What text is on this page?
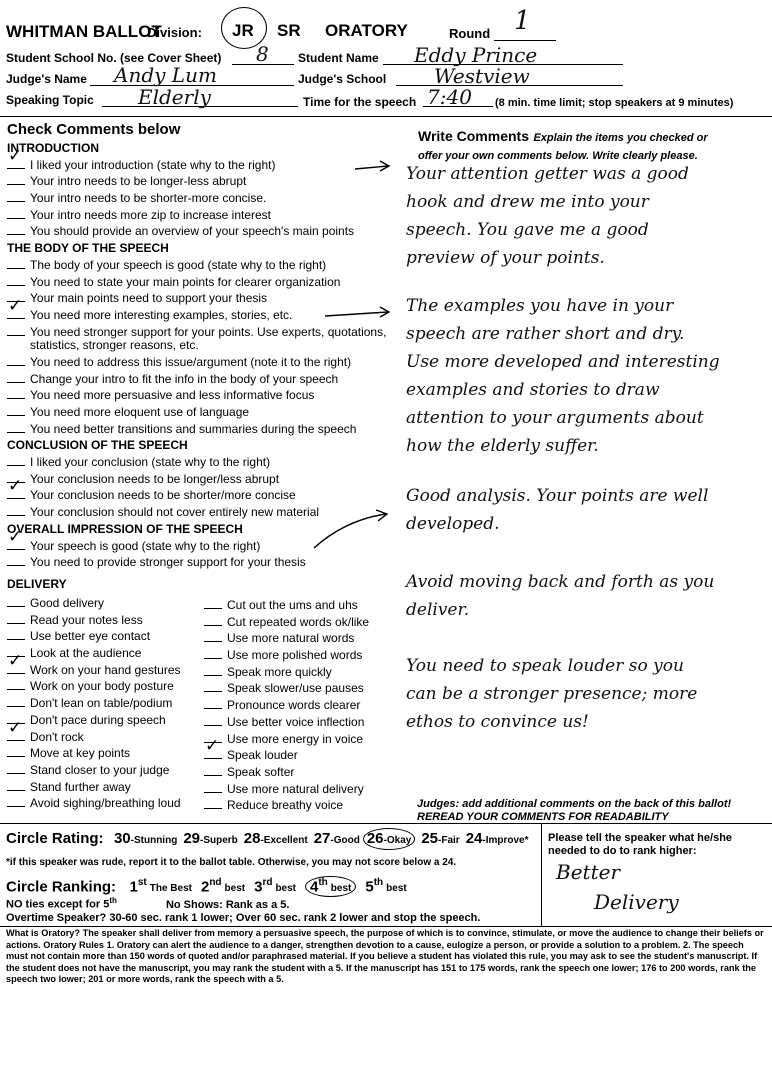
WHITMAN BALLOT
Division: JR SR ORATORY	Round 1
Student School No. (see Cover Sheet) 8 Student Name Eddy Prince
Judge's Name Andy Lum	Judge's School Westview
Speaking Topic Elderly	Time for the speech 7:40 (8 min. time limit; stop speakers at 9 minutes)
Check Comments below
INTRODUCTION
✓I liked your introduction (state why to the right)
Your intro needs to be longer-less abrupt
Your intro needs to be shorter-more concise.
Your intro needs more zip to increase interest
You should provide an overview of your speech's main points
THE BODY OF THE SPEECH
The body of your speech is good (state why to the right)
You need to state your main points for clearer organization
Your main points need to support your thesis
✓You need more interesting examples, stories, etc.
You need stronger support for your points. Use experts, quotations,
statistics, stronger reasons, etc.
You need to address this issue/argument (note it to the right)
Change your intro to fit the info in the body of your speech
You need more persuasive and less informative focus
You need more eloquent use of language
You need better transitions and summaries during the speech
CONCLUSION OF THE SPEECH
I liked your conclusion (state why to the right)
Your conclusion needs to be longer/less abrupt
✓Your conclusion needs to be shorter/more concise
Your conclusion should not cover entirely new material
OVERALL IMPRESSION OF THE SPEECH
✓Your speech is good (state why to the right)
You need to provide stronger support for your thesis
DELIVERY
Good delivery
Read your notes less
Use better eye contact
Look at the audience
✓Work on your hand gestures
Work on your body posture
Don't lean on table/podium
Don't pace during speech
✓Don't rock
Move at key points
Stand closer to your judge
Stand further away
Avoid sighing/breathing loud
Cut out the ums and uhs
Cut repeated words ok/like
Use more natural words
Use more polished words
Speak more quickly
Speak slower/use pauses
Pronounce words clearer
Use better voice inflection
Use more energy in voice
✓Speak louder
Speak softer
Use more natural delivery
Reduce breathy voice
Write Comments Explain the items you checked or
offer your own comments below. Write clearly please.

Your attention getter was a good

hook and drew me into your

speech. You gave me a good

preview of your points.

The examples you have in your

speech are rather short and dry.

Use more developed and interesting

examples and stories to draw

attention to your arguments about

how the elderly suffer.

Good analysis. Your points are well

developed.

Avoid moving back and forth as you

deliver.

You need to speak louder so you

can be a stronger presence; more

ethos to convince us!

Judges: add additional comments on the back of this ballot!
REREAD YOUR COMMENTS FOR READABILITY
Circle Rating: 30-Stunning 29-Superb 28-Excellent 27-Good 26-Okay 25-Fair 24-Improve*
*if this speaker was rude, report it to the ballot table. Otherwise, you may not score below a 24.
Circle Ranking: 1stThe Best 2ndbest 3rdbest 4thbest 5thbest
NO ties except for 5th	No Shows: Rank as a 5.
Overtime Speaker? 30-60 sec. rank 1 lower; Over 60 sec. rank 2 lower and stop the speech.
Please tell the speaker what he/she
needed to do to rank higher:
Better
Delivery
What is Oratory? The speaker shall deliver from memory a persuasive speech, the purpose of which is to convince, stimulate, or move the audience to change their beliefs or actions. Oratory Rules 1. Oratory can alert the audience to a danger, strengthen devotion to a cause, eulogize a person, or provide a solution to a problem. 2. The speech must not contain more than 150 words of quoted and/or paraphrased material. If you believe a student has violated this rule, you may ask to see the student's manuscript. If the student does not have the manuscript, you may rank the student with a 5. If the manuscript has 151 to 175 words, rank the speech one lower; 176 to 200 words, rank the speech two lower; 201 or more words, rank the speech with a 5.
